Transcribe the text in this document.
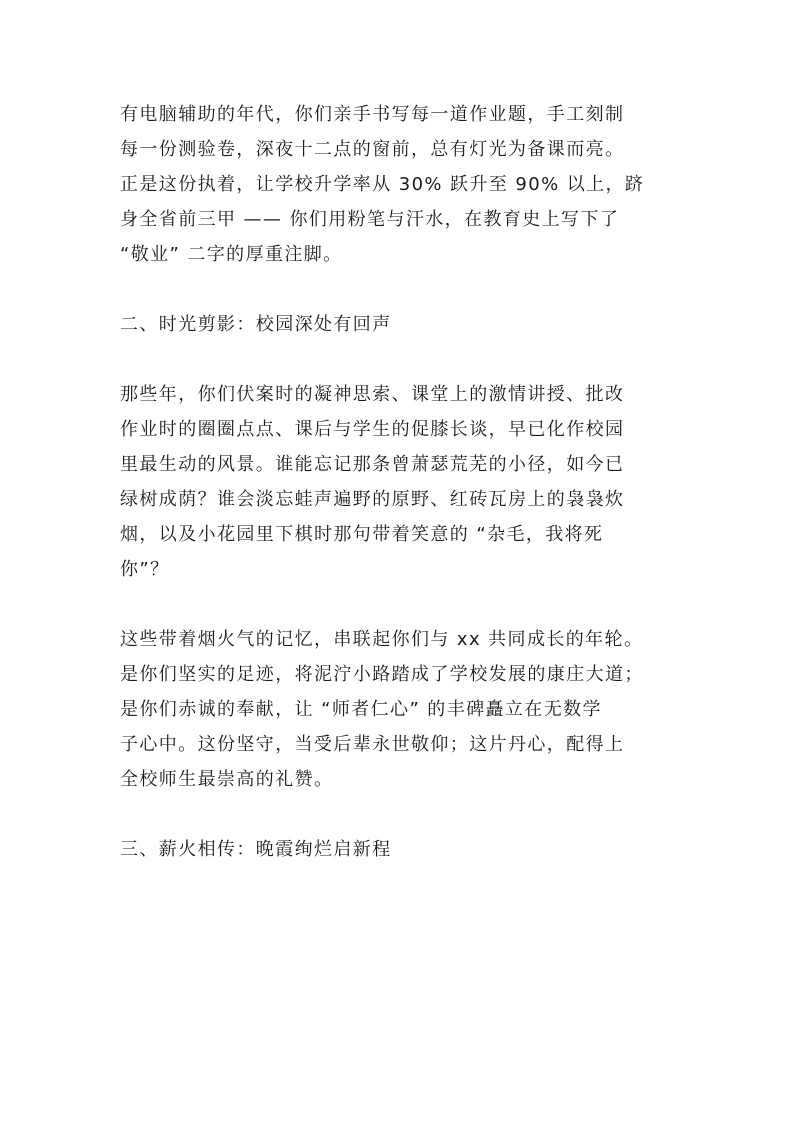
有电脑辅助的年代，你们亲手书写每一道作业题，手工刻制
每一份测验卷，深夜十二点的窗前，总有灯光为备课而亮。
正是这份执着，让学校升学率从 30% 跃升至 90% 以上，跻
身全省前三甲 —— 你们用粉笔与汗水，在教育史上写下了
“敬业” 二字的厚重注脚。
二、时光剪影：校园深处有回声
那些年，你们伏案时的凝神思索、课堂上的激情讲授、批改
作业时的圈圈点点、课后与学生的促膝长谈，早已化作校园
里最生动的风景。谁能忘记那条曾萧瑟荒芜的小径，如今已
绿树成荫？谁会淡忘蛙声遍野的原野、红砖瓦房上的袅袅炊
烟，以及小花园里下棋时那句带着笑意的 “杂毛，我将死
你”？
这些带着烟火气的记忆，串联起你们与 xx 共同成长的年轮。
是你们坚实的足迹，将泥泞小路踏成了学校发展的康庄大道；
是你们赤诚的奉献，让 “师者仁心” 的丰碑矗立在无数学
子心中。这份坚守，当受后辈永世敬仰；这片丹心，配得上
全校师生最崇高的礼赞。
三、薪火相传：晚霞绚烂启新程
